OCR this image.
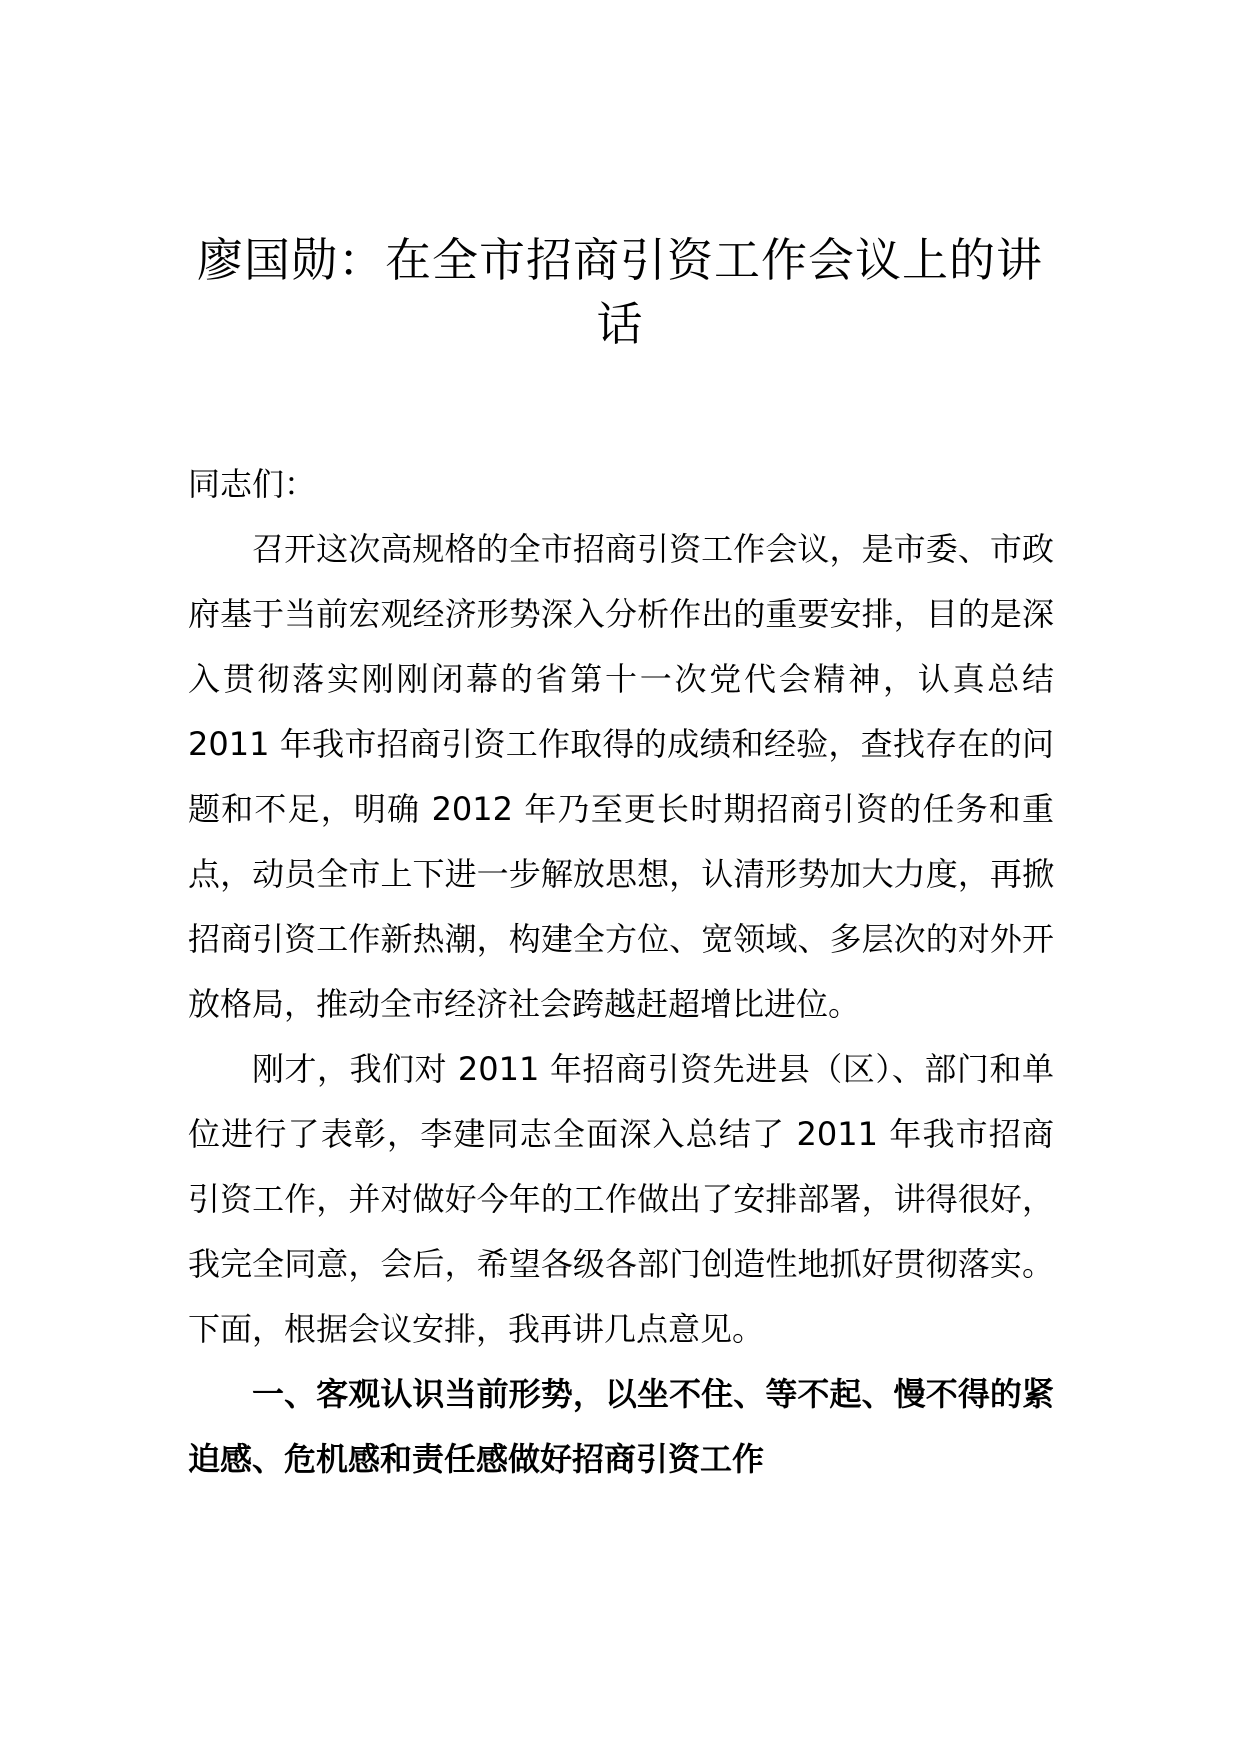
廖国勋：在全市招商引资工作会议上的讲话

同志们：

召开这次高规格的全市招商引资工作会议，是市委、市政府基于当前宏观经济形势深入分析作出的重要安排，目的是深入贯彻落实刚刚闭幕的省第十一次党代会精神，认真总结 2011 年我市招商引资工作取得的成绩和经验，查找存在的问题和不足，明确 2012 年乃至更长时期招商引资的任务和重点，动员全市上下进一步解放思想，认清形势加大力度，再掀招商引资工作新热潮，构建全方位、宽领域、多层次的对外开放格局，推动全市经济社会跨越赶超增比进位。

刚才，我们对 2011 年招商引资先进县（区）、部门和单位进行了表彰，李建同志全面深入总结了 2011 年我市招商引资工作，并对做好今年的工作做出了安排部署，讲得很好，我完全同意，会后，希望各级各部门创造性地抓好贯彻落实。下面，根据会议安排，我再讲几点意见。

一、客观认识当前形势，以坐不住、等不起、慢不得的紧迫感、危机感和责任感做好招商引资工作
